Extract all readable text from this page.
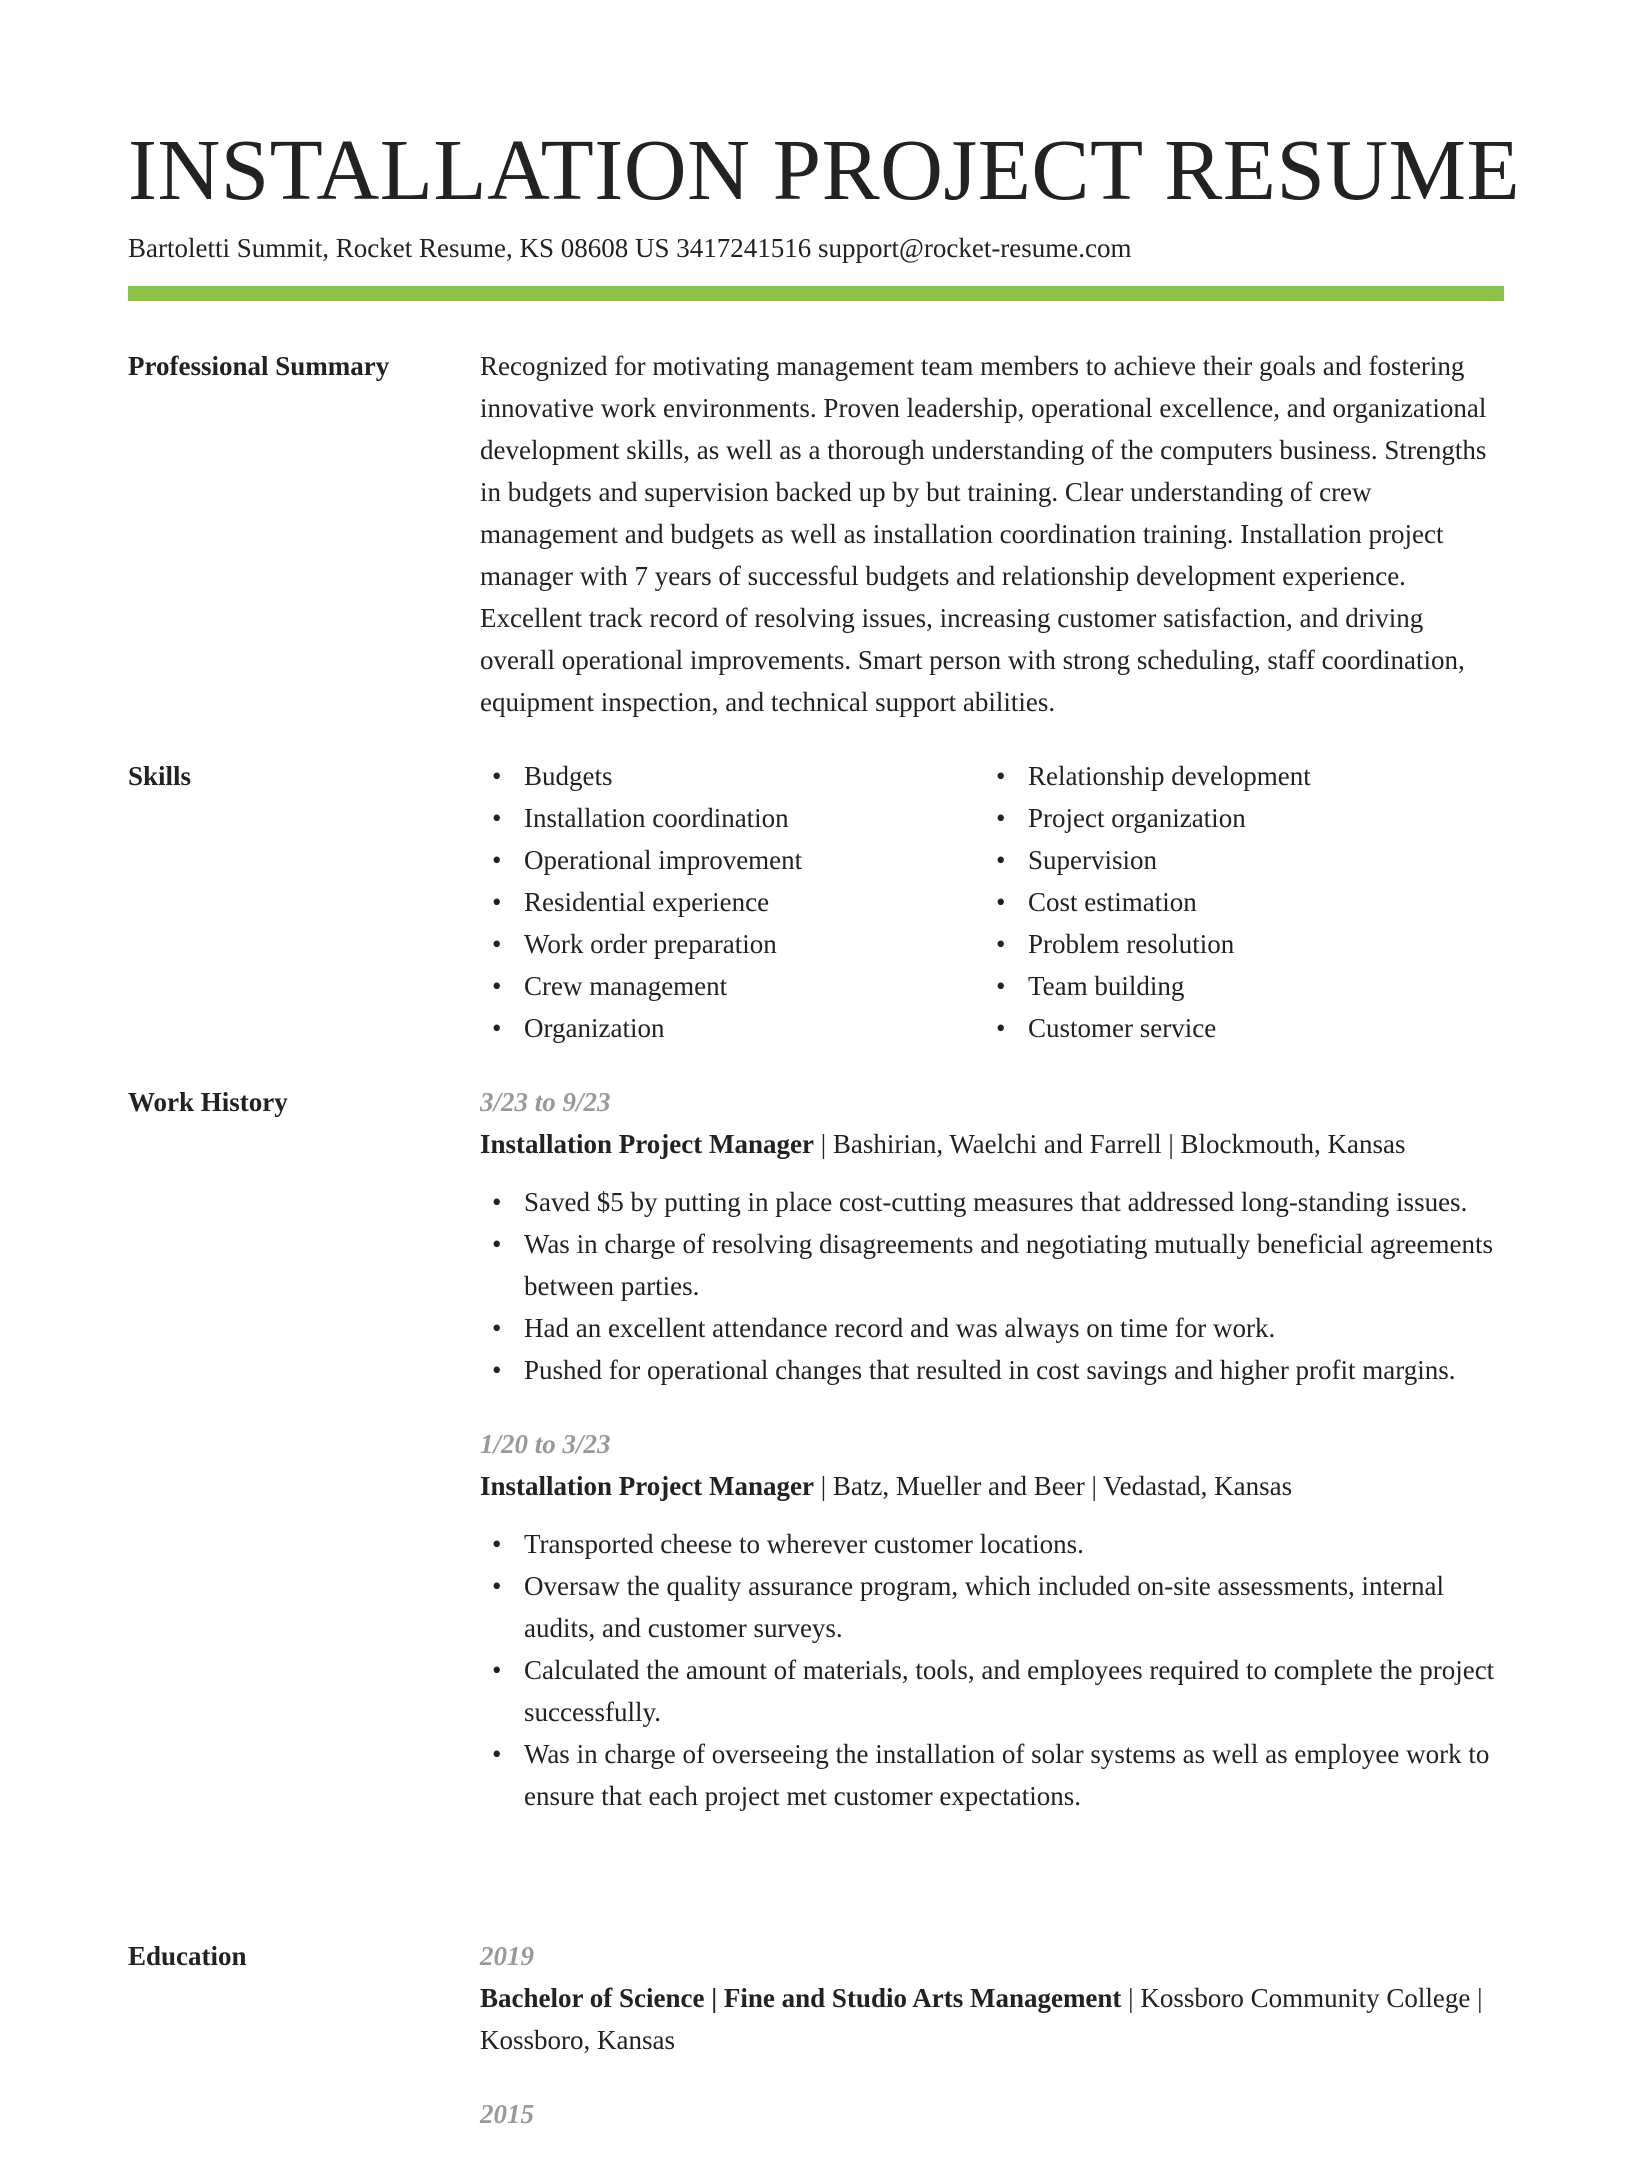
INSTALLATION PROJECT RESUME
Bartoletti Summit, Rocket Resume, KS 08608 US 3417241516 support@rocket-resume.com
Professional Summary	Recognized for motivating management team members to achieve their goals and fostering innovative work environments. Proven leadership, operational excellence, and organizational development skills, as well as a thorough understanding of the computers business. Strengths in budgets and supervision backed up by but training. Clear understanding of crew management and budgets as well as installation coordination training. Installation project manager with 7 years of successful budgets and relationship development experience. Excellent track record of resolving issues, increasing customer satisfaction, and driving overall operational improvements. Smart person with strong scheduling, staff coordination, equipment inspection, and technical support abilities.

Skills
•	Budgets
• Installation coordination
• Operational improvement
• Residential experience
• Work order preparation
• Crew management
• Organization
• Relationship development
• Project organization
• Supervision
• Cost estimation
• Problem resolution
• Team building
• Customer service
Work History	3/23 to 9/23
Installation Project Manager | Bashirian, Waelchi and Farrell | Blockmouth, Kansas
• Saved $5 by putting in place cost-cutting measures that addressed long-standing issues.
• Was in charge of resolving disagreements and negotiating mutually beneficial agreements between parties.
• Had an excellent attendance record and was always on time for work.
• Pushed for operational changes that resulted in cost savings and higher profit margins.
1/20 to 3/23
Installation Project Manager | Batz, Mueller and Beer | Vedastad, Kansas
• Transported cheese to wherever customer locations.
• Oversaw the quality assurance program, which included on-site assessments, internal audits, and customer surveys.
• Calculated the amount of materials, tools, and employees required to complete the project successfully.
• Was in charge of overseeing the installation of solar systems as well as employee work to ensure that each project met customer expectations.
Education	2019
Bachelor of Science | Fine and Studio Arts Management | Kossboro Community College | Kossboro, Kansas
2015
